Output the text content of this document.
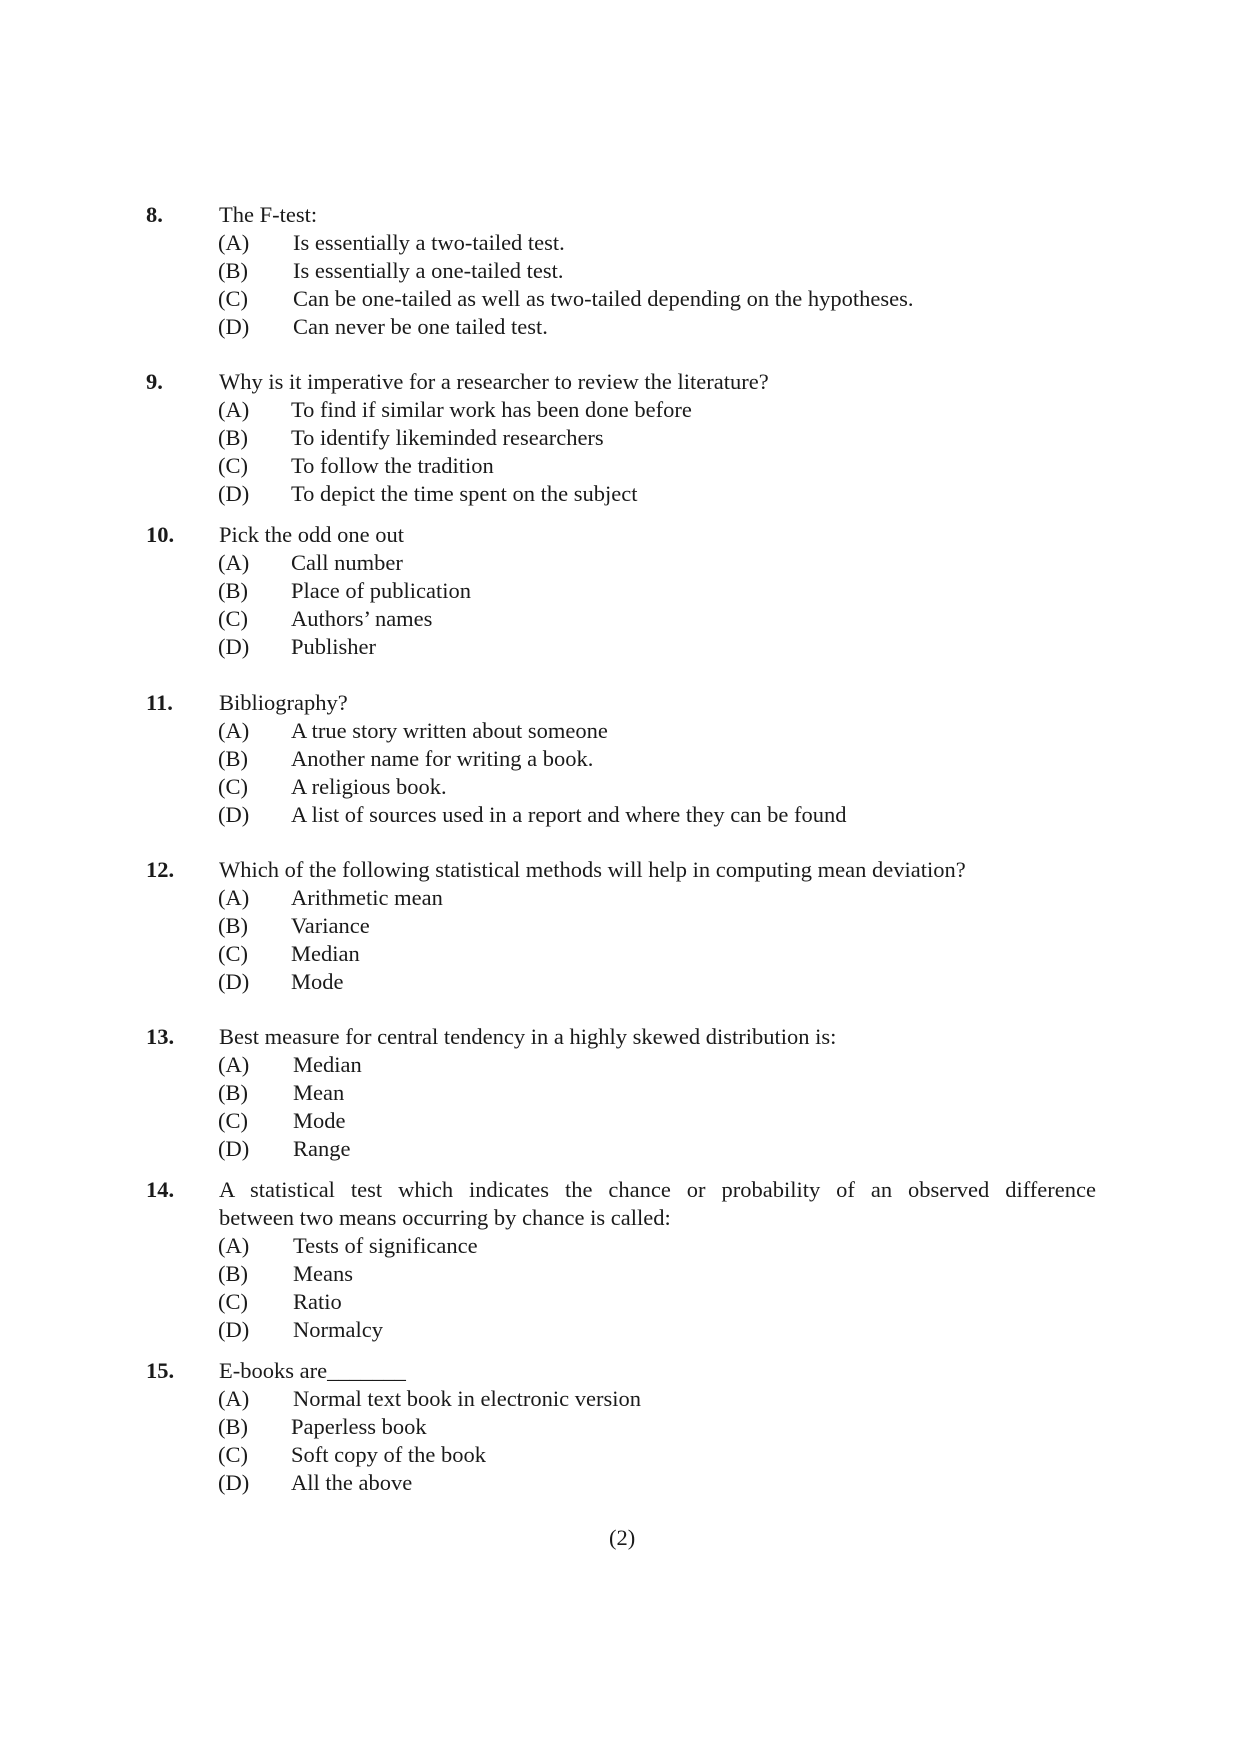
8. The F-test:
(A) Is essentially a two-tailed test.
(B) Is essentially a one-tailed test.
(C) Can be one-tailed as well as two-tailed depending on the hypotheses.
(D) Can never be one tailed test.
9. Why is it imperative for a researcher to review the literature?
(A) To find if similar work has been done before
(B) To identify likeminded researchers
(C) To follow the tradition
(D) To depict the time spent on the subject
10. Pick the odd one out
(A) Call number
(B) Place of publication
(C) Authors’ names
(D) Publisher
11. Bibliography?
(A) A true story written about someone
(B) Another name for writing a book.
(C) A religious book.
(D) A list of sources used in a report and where they can be found
12. Which of the following statistical methods will help in computing mean deviation?
(A) Arithmetic mean
(B) Variance
(C) Median
(D) Mode
13. Best measure for central tendency in a highly skewed distribution is:
(A) Median
(B) Mean
(C) Mode
(D) Range
14. A statistical test which indicates the chance or probability of an observed difference
between two means occurring by chance is called:
(A) Tests of significance
(B) Means
(C) Ratio
(D) Normalcy
15. E-books are_______
(A) Normal text book in electronic version
(B) Paperless book
(C) Soft copy of the book
(D) All the above
(2)
